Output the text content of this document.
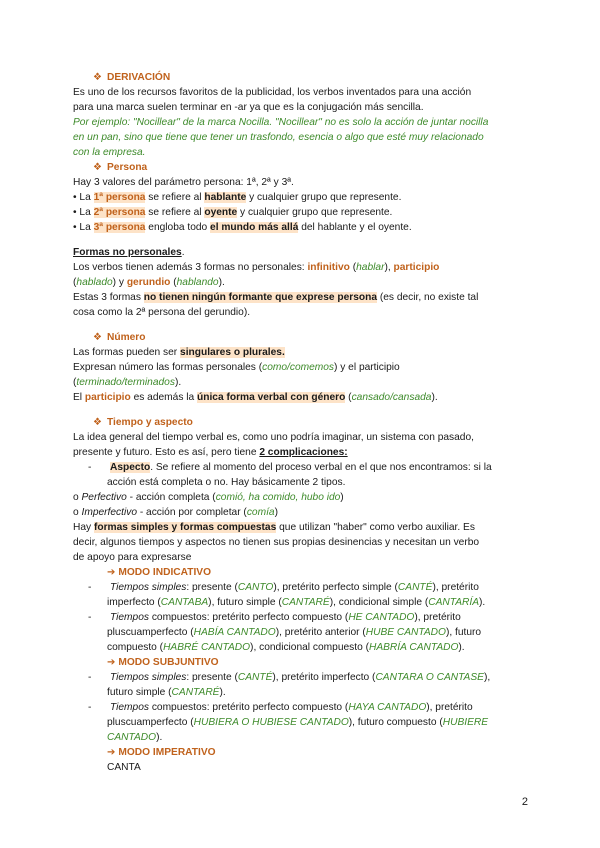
❖ DERIVACIÓN
Es uno de los recursos favoritos de la publicidad, los verbos inventados para una acción
para una marca suelen terminar en -ar ya que es la conjugación más sencilla.
Por ejemplo: "Nocillear" de la marca Nocilla. "Nocillear" no es solo la acción de juntar nocilla
en un pan, sino que tiene que tener un trasfondo, esencia o algo que esté muy relacionado
con la empresa.
❖ Persona
Hay 3 valores del parámetro persona: 1ª, 2ª y 3ª.
• La 1ª persona se refiere al hablante y cualquier grupo que represente.
• La 2ª persona se refiere al oyente y cualquier grupo que represente.
• La 3ª persona engloba todo el mundo más allá del hablante y el oyente.
Formas no personales.
Los verbos tienen además 3 formas no personales: infinitivo (hablar), participio
(hablado) y gerundio (hablando).
Estas 3 formas no tienen ningún formante que exprese persona (es decir, no existe tal
cosa como la 2ª persona del gerundio).
❖ Número
Las formas pueden ser singulares o plurales.
Expresan número las formas personales (como/comemos) y el participio
(terminado/terminados).
El participio es además la única forma verbal con género (cansado/cansada).
❖ Tiempo y aspecto
La idea general del tiempo verbal es, como uno podría imaginar, un sistema con pasado,
presente y futuro. Esto es así, pero tiene 2 complicaciones:
- Aspecto. Se refiere al momento del proceso verbal en el que nos encontramos: si la
acción está completa o no. Hay básicamente 2 tipos.
o Perfectivo - acción completa (comió, ha comido, hubo ido)
o Imperfectivo - acción por completar (comía)
Hay formas simples y formas compuestas que utilizan "haber" como verbo auxiliar. Es
decir, algunos tiempos y aspectos no tienen sus propias desinencias y necesitan un verbo
de apoyo para expresarse
➔ MODO INDICATIVO
- Tiempos simples: presente (CANTO), pretérito perfecto simple (CANTÉ), pretérito
imperfecto (CANTABA), futuro simple (CANTARÉ), condicional simple (CANTARÍA).
- Tiempos compuestos: pretérito perfecto compuesto (HE CANTADO), pretérito
pluscuamperfecto (HABÍA CANTADO), pretérito anterior (HUBE CANTADO), futuro
compuesto (HABRÉ CANTADO), condicional compuesto (HABRÍA CANTADO).
➔ MODO SUBJUNTIVO
- Tiempos simples: presente (CANTÉ), pretérito imperfecto (CANTARA O CANTASE),
futuro simple (CANTARÉ).
- Tiempos compuestos: pretérito perfecto compuesto (HAYA CANTADO), pretérito
pluscuamperfecto (HUBIERA O HUBIESE CANTADO), futuro compuesto (HUBIERE
CANTADO).
➔ MODO IMPERATIVO
CANTA
2
